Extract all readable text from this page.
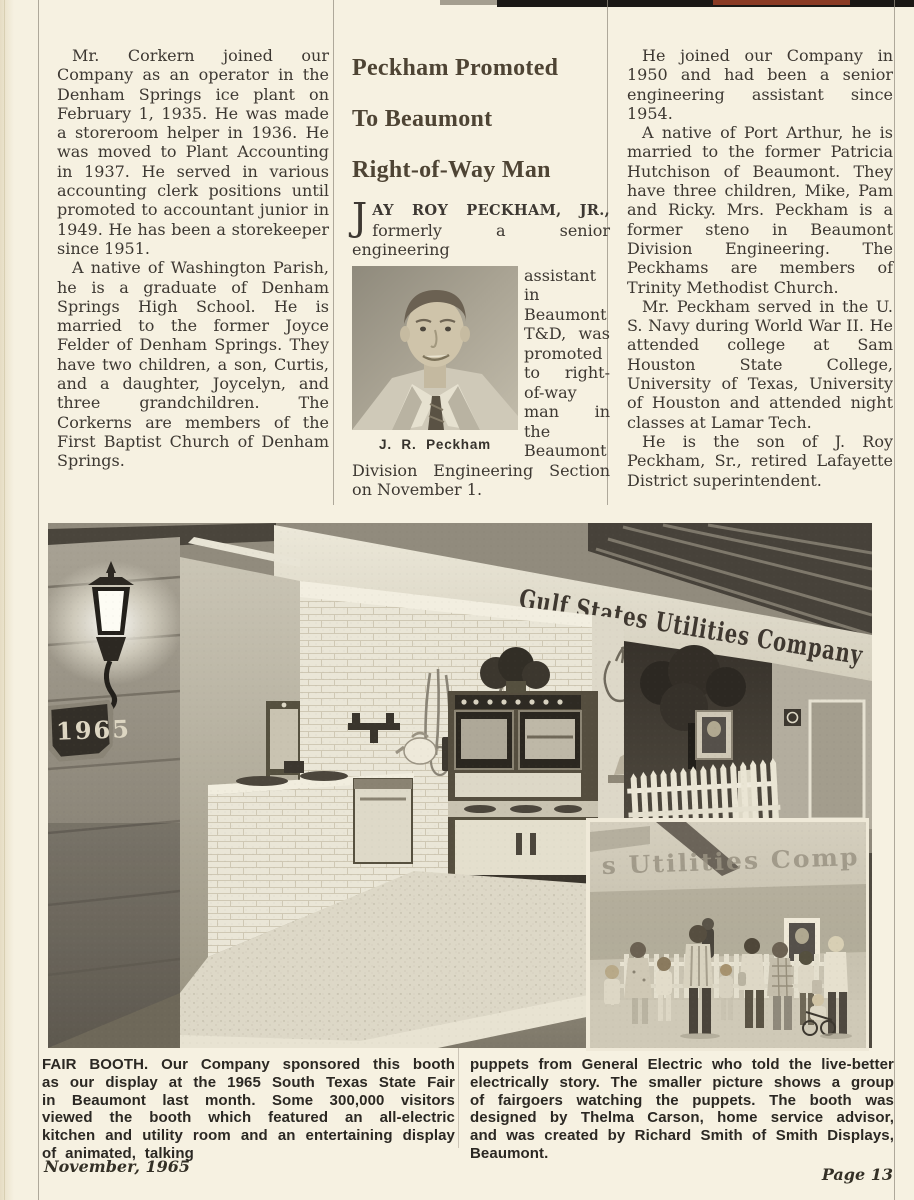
Mr. Corkern joined our Company as an operator in the Denham Springs ice plant on February 1, 1935. He was made a storeroom helper in 1936. He was moved to Plant Accounting in 1937. He served in various accounting clerk positions until promoted to accountant junior in 1949. He has been a storekeeper since 1951.

A native of Washington Parish, he is a graduate of Denham Springs High School. He is married to the former Joyce Felder of Denham Springs. They have two children, a son, Curtis, and a daughter, Joycelyn, and three grandchildren. The Corkerns are members of the First Baptist Church of Denham Springs.

Peckham Promoted
To Beaumont
Right-of-Way Man

JAY ROY PECKHAM, JR., formerly a senior engineering

J. R. Peckham

assistant in Beaumont T&D, was promoted to right-of-way man in the Beaumont Division Engineering Section on November 1.

He joined our Company in 1950 and had been a senior engineering assistant since 1954.

A native of Port Arthur, he is married to the former Patricia Hutchison of Beaumont. They have three children, Mike, Pam and Ricky. Mrs. Peckham is a former steno in Beaumont Division Engineering. The Peckhams are members of Trinity Methodist Church.

Mr. Peckham served in the U. S. Navy during World War II. He attended college at Sam Houston State College, University of Texas, University of Houston and attended night classes at Lamar Tech.

He is the son of J. Roy Peckham, Sr., retired Lafayette District superintendent.

FAIR BOOTH. Our Company sponsored this booth as our display at the 1965 South Texas State Fair in Beaumont last month. Some 300,000 visitors viewed the booth which featured an all-electric kitchen and utility room and an entertaining display of animated, talking

puppets from General Electric who told the live-better electrically story. The smaller picture shows a group of fairgoers watching the puppets. The booth was designed by Thelma Carson, home service advisor, and was created by Richard Smith of Smith Displays, Beaumont.

November, 1965	Page 13
